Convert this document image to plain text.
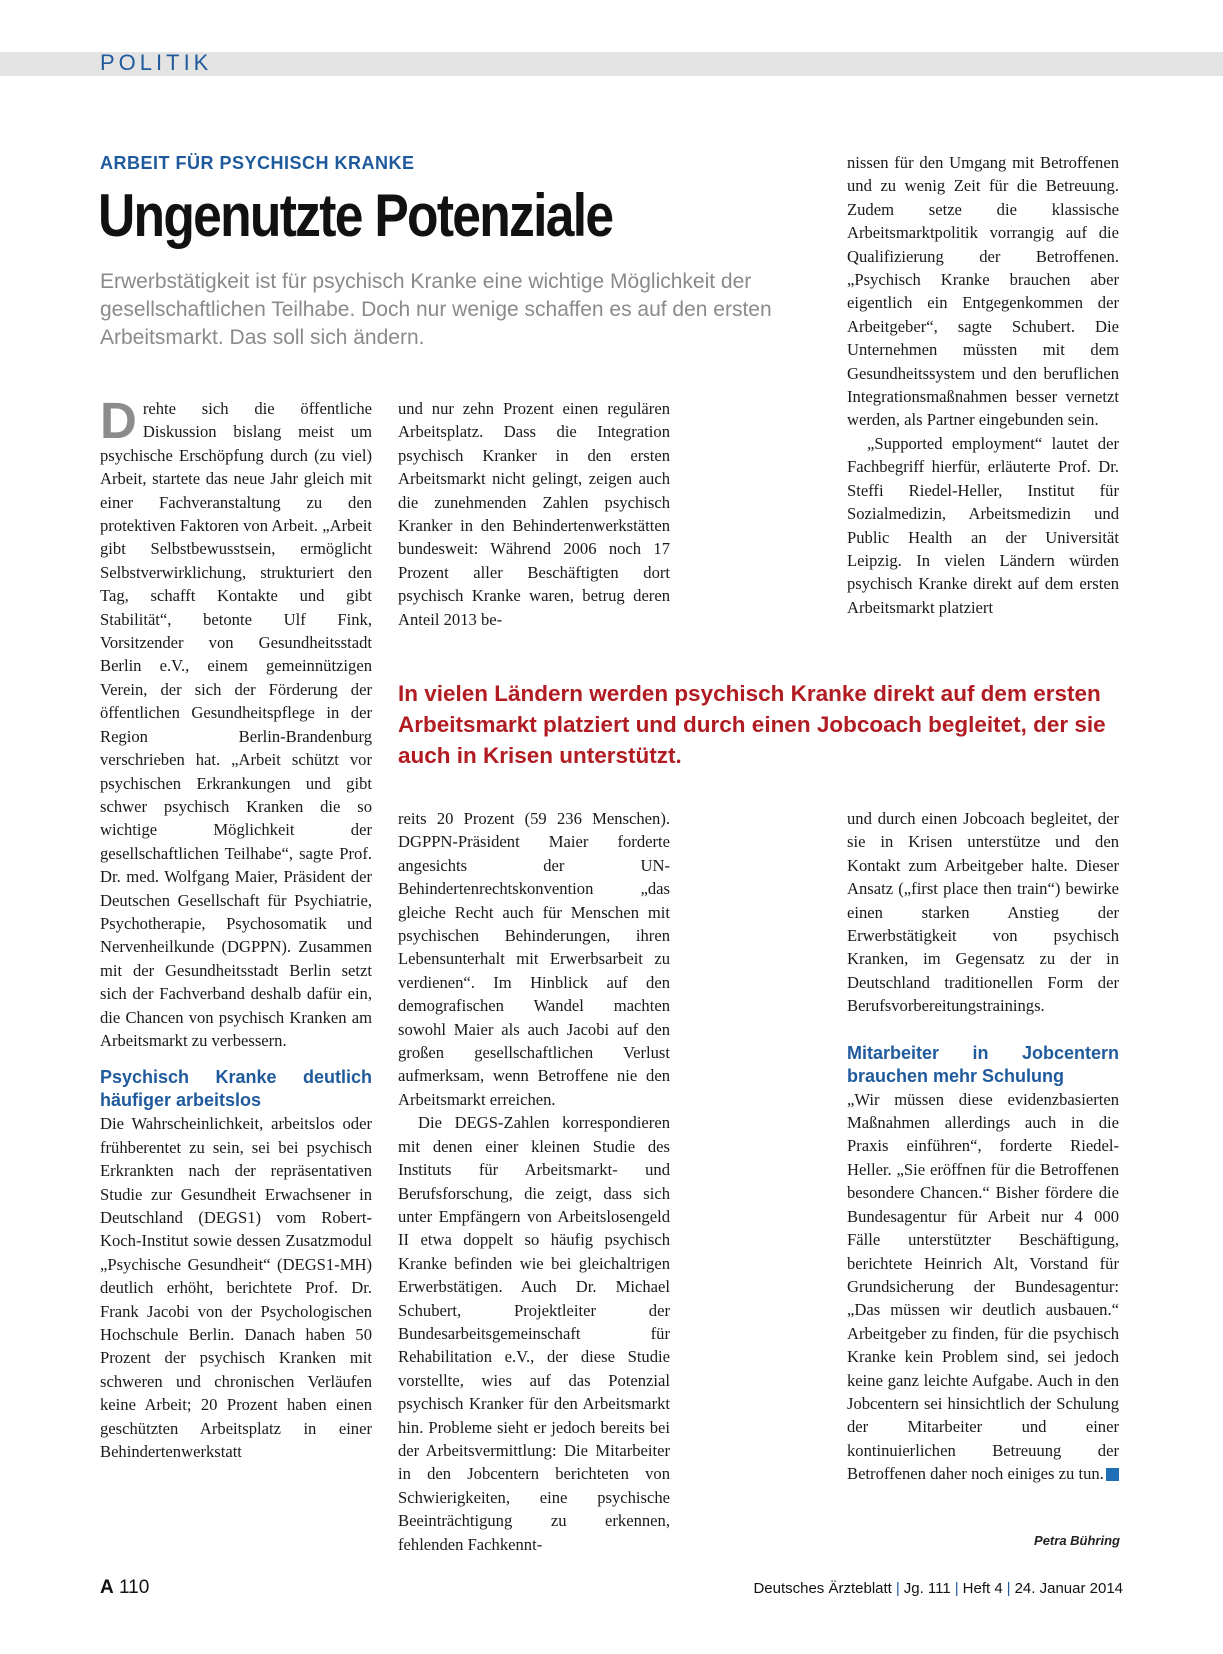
POLITIK
ARBEIT FÜR PSYCHISCH KRANKE
Ungenutzte Potenziale
Erwerbstätigkeit ist für psychisch Kranke eine wichtige Möglichkeit der gesellschaftlichen Teilhabe. Doch nur wenige schaffen es auf den ersten Arbeitsmarkt. Das soll sich ändern.

Drehte sich die öffentliche Diskussion bislang meist um psychische Erschöpfung durch (zu viel) Arbeit, startete das neue Jahr gleich mit einer Fachveranstaltung zu den protektiven Faktoren von Arbeit. „Arbeit gibt Selbstbewusstsein, ermöglicht Selbstverwirklichung, strukturiert den Tag, schafft Kontakte und gibt Stabilität“, betonte Ulf Fink, Vorsitzender von Gesundheitsstadt Berlin e.V., einem gemeinnützigen Verein, der sich der Förderung der öffentlichen Gesundheitspflege in der Region Berlin-Brandenburg verschrieben hat. „Arbeit schützt vor psychischen Erkrankungen und gibt schwer psychisch Kranken die so wichtige Möglichkeit der gesellschaftlichen Teilhabe“, sagte Prof. Dr. med. Wolfgang Maier, Präsident der Deutschen Gesellschaft für Psychiatrie, Psychotherapie, Psychosomatik und Nervenheilkunde (DGPPN). Zusammen mit der Gesundheitsstadt Berlin setzt sich der Fachverband deshalb dafür ein, die Chancen von psychisch Kranken am Arbeitsmarkt zu verbessern.

Psychisch Kranke deutlich häufiger arbeitslos

Die Wahrscheinlichkeit, arbeitslos oder frühberentet zu sein, sei bei psychisch Erkrankten nach der repräsentativen Studie zur Gesundheit Erwachsener in Deutschland (DEGS1) vom Robert-Koch-Institut sowie dessen Zusatzmodul „Psychische Gesundheit“ (DEGS1-MH) deutlich erhöht, berichtete Prof. Dr. Frank Jacobi von der Psychologischen Hochschule Berlin. Danach haben 50 Prozent der psychisch Kranken mit schweren und chronischen Verläufen keine Arbeit; 20 Prozent haben einen geschützten Arbeitsplatz in einer Behindertenwerkstatt

und nur zehn Prozent einen regulären Arbeitsplatz. Dass die Integration psychisch Kranker in den ersten Arbeitsmarkt nicht gelingt, zeigen auch die zunehmenden Zahlen psychisch Kranker in den Behindertenwerkstätten bundesweit: Während 2006 noch 17 Prozent aller Beschäftigten dort psychisch Kranke waren, betrug deren Anteil 2013 be-

nissen für den Umgang mit Betroffenen und zu wenig Zeit für die Betreuung. Zudem setze die klassische Arbeitsmarktpolitik vorrangig auf die Qualifizierung der Betroffenen. „Psychisch Kranke brauchen aber eigentlich ein Entgegenkommen der Arbeitgeber“, sagte Schubert. Die Unternehmen müssten mit dem Gesundheitssystem und den beruflichen Integrationsmaßnahmen besser vernetzt werden, als Partner eingebunden sein.

„Supported employment“ lautet der Fachbegriff hierfür, erläuterte Prof. Dr. Steffi Riedel-Heller, Institut für Sozialmedizin, Arbeitsmedizin und Public Health an der Universität Leipzig. In vielen Ländern würden psychisch Kranke direkt auf dem ersten Arbeitsmarkt platziert

In vielen Ländern werden psychisch Kranke direkt auf dem ersten Arbeitsmarkt platziert und durch einen Jobcoach begleitet, der sie auch in Krisen unterstützt.

reits 20 Prozent (59 236 Menschen). DGPPN-Präsident Maier forderte angesichts der UN-Behindertenrechtskonvention „das gleiche Recht auch für Menschen mit psychischen Behinderungen, ihren Lebensunterhalt mit Erwerbsarbeit zu verdienen“. Im Hinblick auf den demografischen Wandel machten sowohl Maier als auch Jacobi auf den großen gesellschaftlichen Verlust aufmerksam, wenn Betroffene nie den Arbeitsmarkt erreichen.

Die DEGS-Zahlen korrespondieren mit denen einer kleinen Studie des Instituts für Arbeitsmarkt- und Berufsforschung, die zeigt, dass sich unter Empfängern von Arbeitslosengeld II etwa doppelt so häufig psychisch Kranke befinden wie bei gleichaltrigen Erwerbstätigen. Auch Dr. Michael Schubert, Projektleiter der Bundesarbeitsgemeinschaft für Rehabilitation e.V., der diese Studie vorstellte, wies auf das Potenzial psychisch Kranker für den Arbeitsmarkt hin. Probleme sieht er jedoch bereits bei der Arbeitsvermittlung: Die Mitarbeiter in den Jobcentern berichteten von Schwierigkeiten, eine psychische Beeinträchtigung zu erkennen, fehlenden Fachkennt-

und durch einen Jobcoach begleitet, der sie in Krisen unterstütze und den Kontakt zum Arbeitgeber halte. Dieser Ansatz („first place then train“) bewirke einen starken Anstieg der Erwerbstätigkeit von psychisch Kranken, im Gegensatz zu der in Deutschland traditionellen Form der Berufsvorbereitungstrainings.

Mitarbeiter in Jobcentern brauchen mehr Schulung

„Wir müssen diese evidenzbasierten Maßnahmen allerdings auch in die Praxis einführen“, forderte Riedel-Heller. „Sie eröffnen für die Betroffenen besondere Chancen.“ Bisher fördere die Bundesagentur für Arbeit nur 4 000 Fälle unterstützter Beschäftigung, berichtete Heinrich Alt, Vorstand für Grundsicherung der Bundesagentur: „Das müssen wir deutlich ausbauen.“ Arbeitgeber zu finden, für die psychisch Kranke kein Problem sind, sei jedoch keine ganz leichte Aufgabe. Auch in den Jobcentern sei hinsichtlich der Schulung der Mitarbeiter und einer kontinuierlichen Betreuung der Betroffenen daher noch einiges zu tun.

Petra Bühring
A 110	Deutsches Ärzteblatt | Jg. 111 | Heft 4 | 24. Januar 2014
